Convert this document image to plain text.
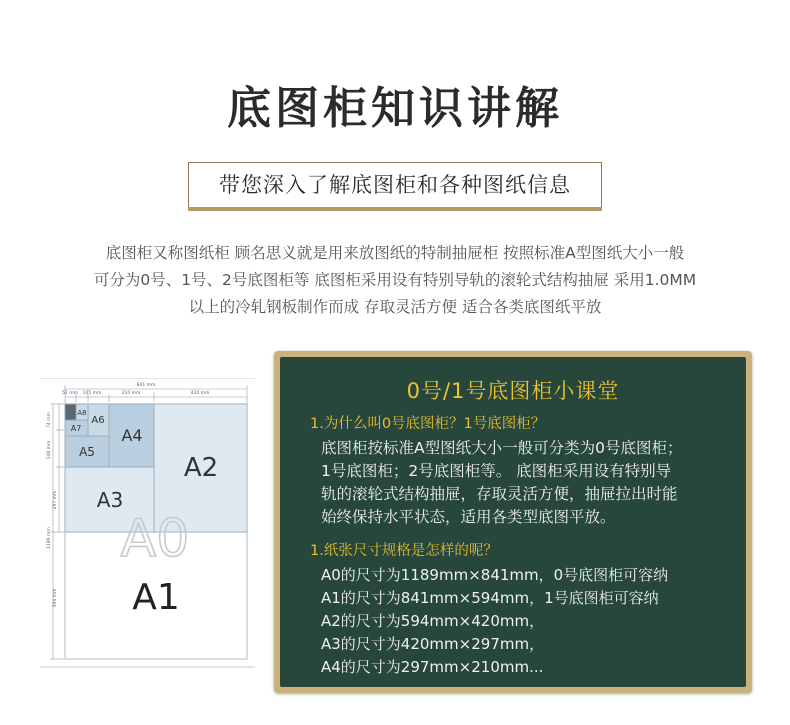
底图柜知识讲解
带您深入了解底图柜和各种图纸信息
底图柜又称图纸柜 顾名思义就是用来放图纸的特制抽屉柜 按照标准A型图纸大小一般
可分为0号、1号、2号底图柜等 底图柜采用设有特别导轨的滚轮式结构抽屉 采用1.0MM
以上的冷轧钢板制作而成 存取灵活方便 适合各类底图纸平放
841 mm
52 mm 105 mm	210 mm	420 mm
74 mm
148 mm
297 mm
1189 mm
594 mm
A8
A6
A7
A5
A4
A3
A2
A0
A1
0号/1号底图柜小课堂
1.为什么叫0号底图柜？1号底图柜？
底图柜按标准A型图纸大小一般可分类为0号底图柜；
1号底图柜；2号底图柜等。 底图柜采用设有特别导
轨的滚轮式结构抽屉，存取灵活方便，抽屉拉出时能
始终保持水平状态，适用各类型底图平放。
1.纸张尺寸规格是怎样的呢？
A0的尺寸为1189mm×841mm，0号底图柜可容纳
A1的尺寸为841mm×594mm，1号底图柜可容纳
A2的尺寸为594mm×420mm，
A3的尺寸为420mm×297mm，
A4的尺寸为297mm×210mm...
